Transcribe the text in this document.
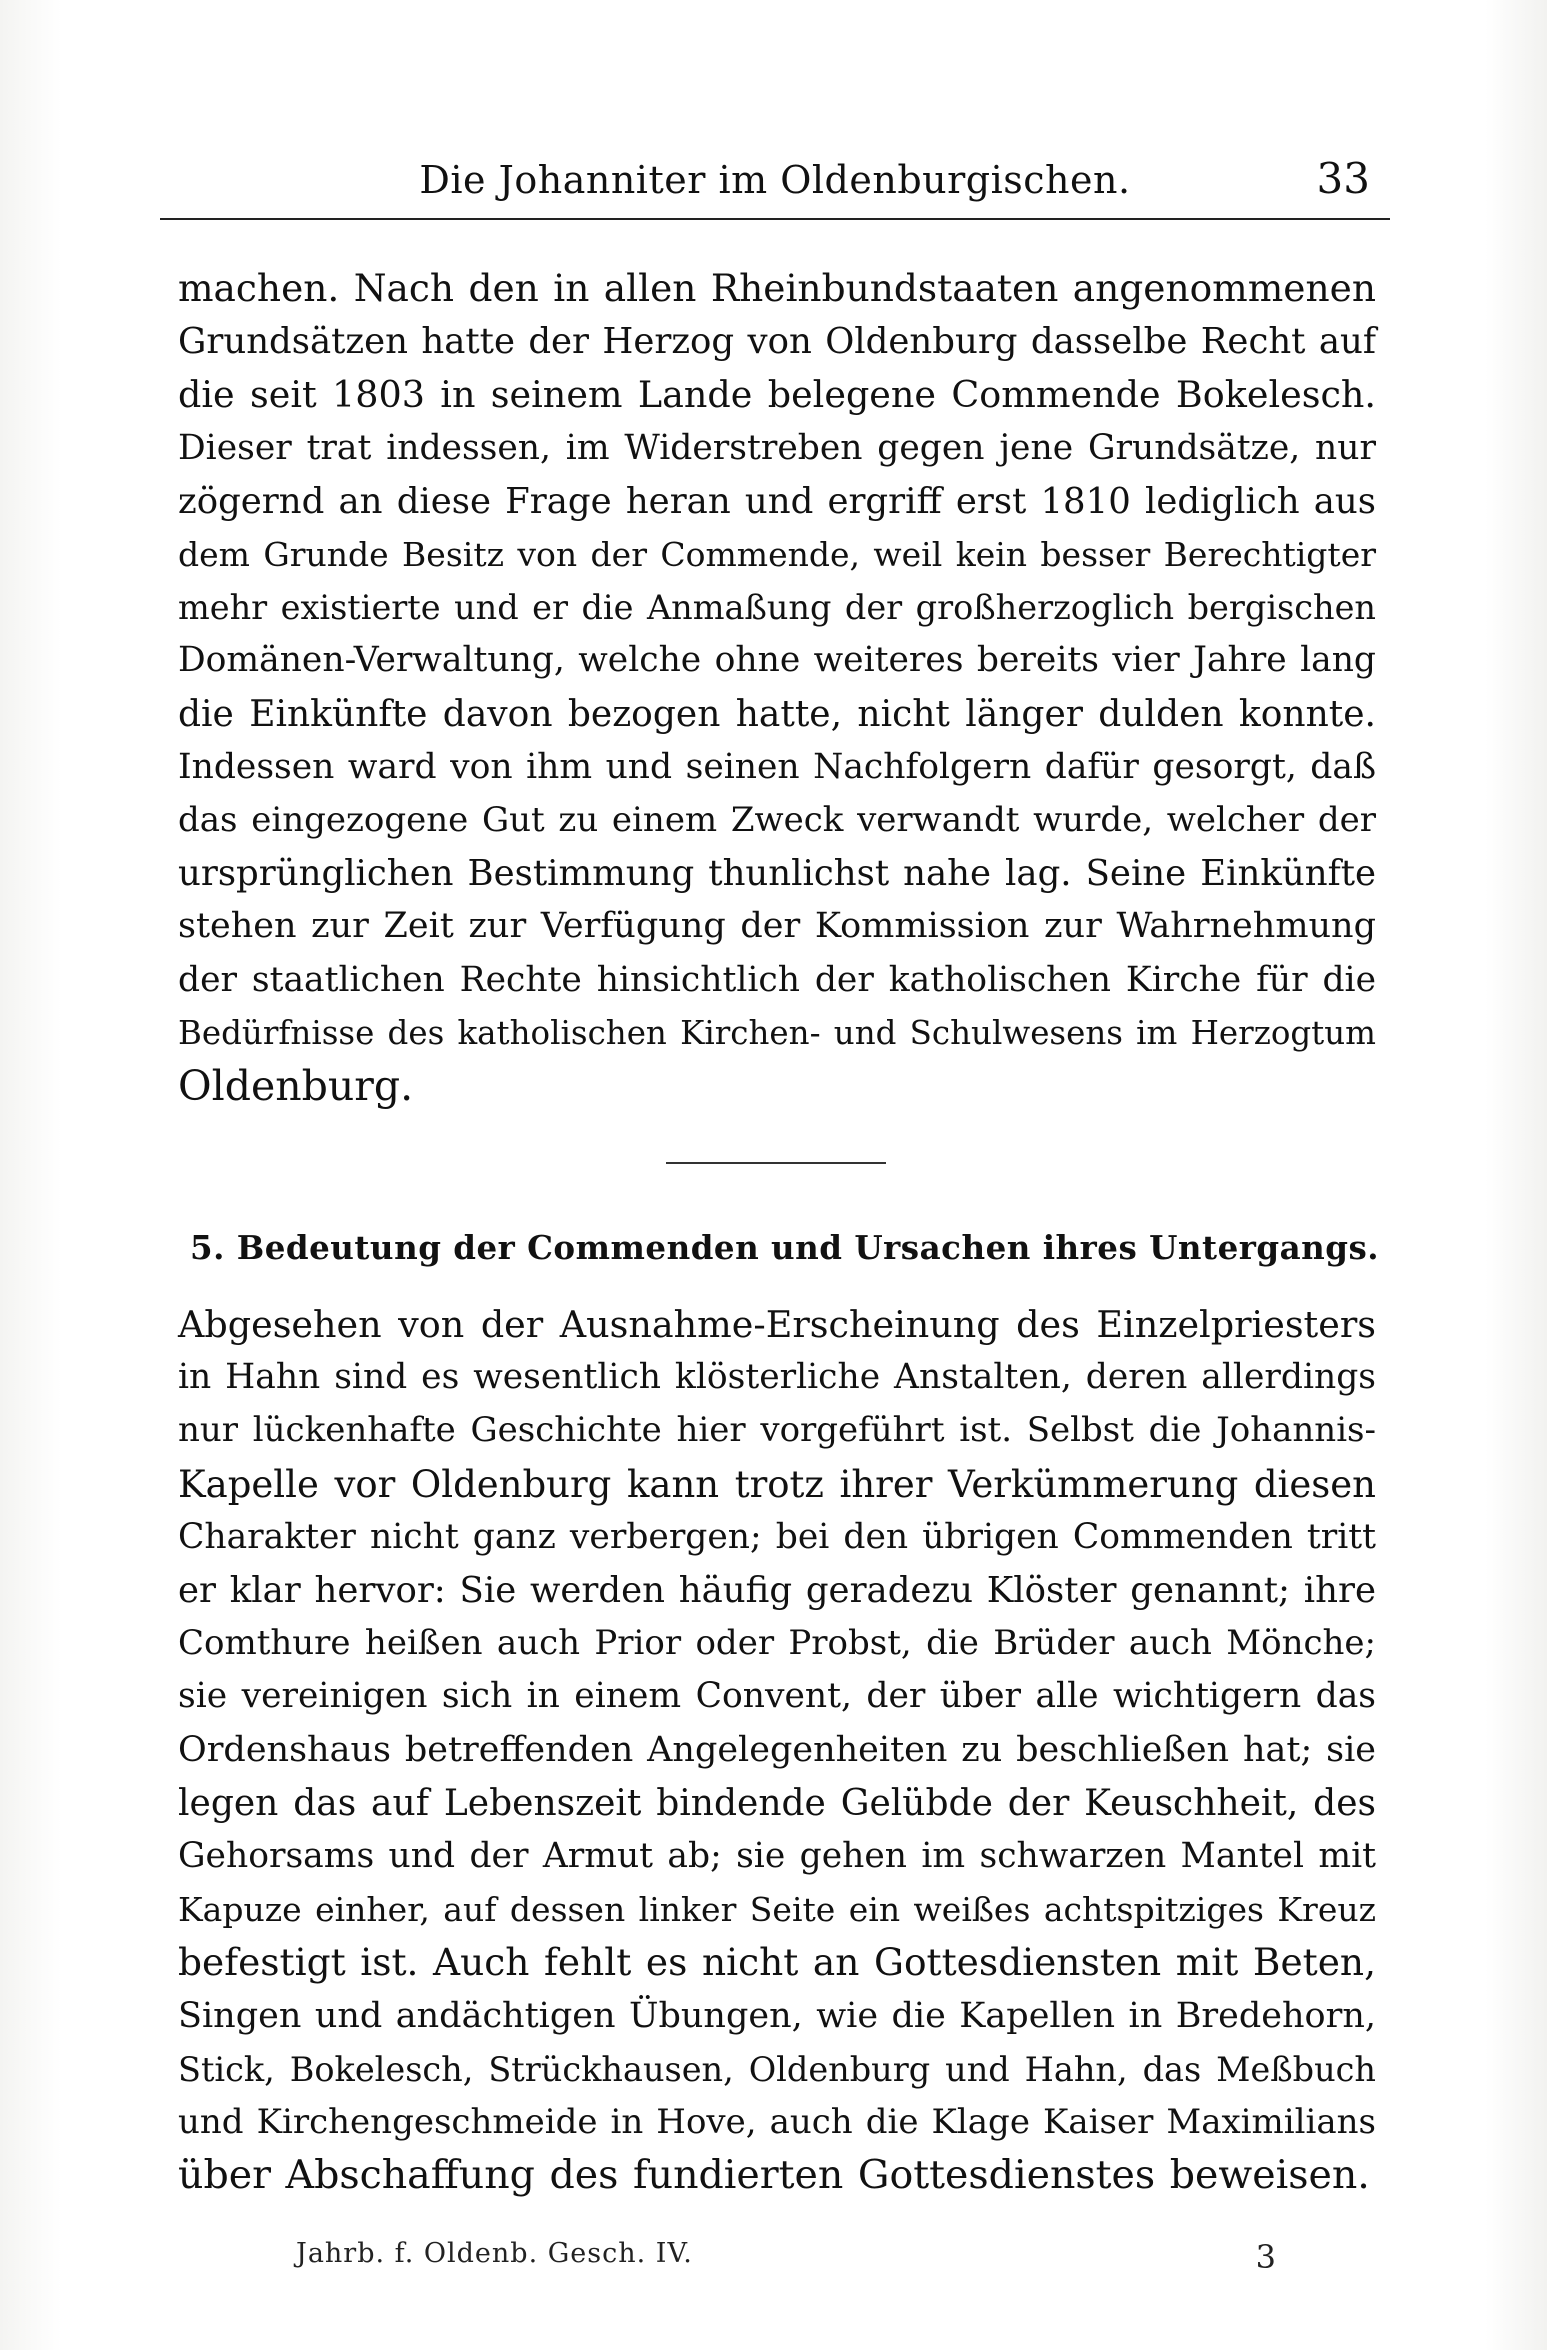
Die Johanniter im Oldenburgischen.	33
machen. Nach den in allen Rheinbundstaaten angenommenen
Grundsätzen hatte der Herzog von Oldenburg dasselbe Recht auf
die seit 1803 in seinem Lande belegene Commende Bokelesch.
Dieser trat indessen, im Widerstreben gegen jene Grundsätze, nur
zögernd an diese Frage heran und ergriff erst 1810 lediglich aus
dem Grunde Besitz von der Commende, weil kein besser Berechtigter
mehr existierte und er die Anmaßung der großherzoglich bergischen
Domänen-Verwaltung, welche ohne weiteres bereits vier Jahre lang
die Einkünfte davon bezogen hatte, nicht länger dulden konnte.
Indessen ward von ihm und seinen Nachfolgern dafür gesorgt, daß
das eingezogene Gut zu einem Zweck verwandt wurde, welcher der
ursprünglichen Bestimmung thunlichst nahe lag. Seine Einkünfte
stehen zur Zeit zur Verfügung der Kommission zur Wahrnehmung
der staatlichen Rechte hinsichtlich der katholischen Kirche für die
Bedürfnisse des katholischen Kirchen- und Schulwesens im Herzogtum
Oldenburg.
5. Bedeutung der Commenden und Ursachen ihres Untergangs.
Abgesehen von der Ausnahme-Erscheinung des Einzelpriesters
in Hahn sind es wesentlich klösterliche Anstalten, deren allerdings
nur lückenhafte Geschichte hier vorgeführt ist. Selbst die Johannis-
Kapelle vor Oldenburg kann trotz ihrer Verkümmerung diesen
Charakter nicht ganz verbergen; bei den übrigen Commenden tritt
er klar hervor: Sie werden häufig geradezu Klöster genannt; ihre
Comthure heißen auch Prior oder Probst, die Brüder auch Mönche;
sie vereinigen sich in einem Convent, der über alle wichtigern das
Ordenshaus betreffenden Angelegenheiten zu beschließen hat; sie
legen das auf Lebenszeit bindende Gelübde der Keuschheit, des
Gehorsams und der Armut ab; sie gehen im schwarzen Mantel mit
Kapuze einher, auf dessen linker Seite ein weißes achtspitziges Kreuz
befestigt ist. Auch fehlt es nicht an Gottesdiensten mit Beten,
Singen und andächtigen Übungen, wie die Kapellen in Bredehorn,
Stick, Bokelesch, Strückhausen, Oldenburg und Hahn, das Meßbuch
und Kirchengeschmeide in Hove, auch die Klage Kaiser Maximilians
über Abschaffung des fundierten Gottesdienstes beweisen.
Jahrb. f. Oldenb. Gesch. IV.	3
